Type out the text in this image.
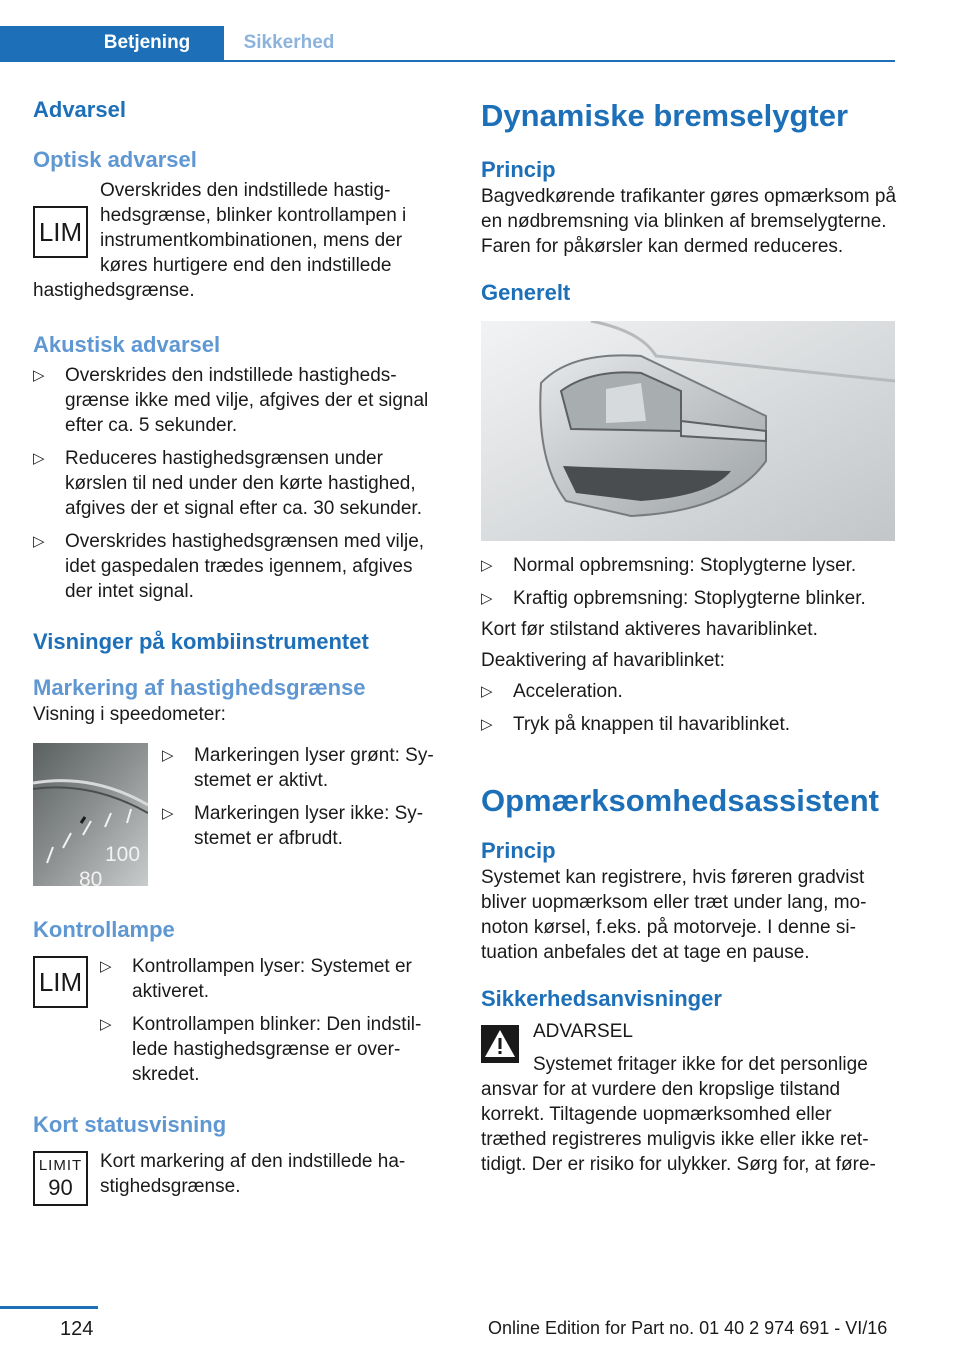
Betjening	Sikkerhed
Advarsel
Optisk advarsel
LIM

Overskrides den indstillede hastighedsgrænse, blinker kontrollampen i instrumentkombinationen, mens der køres hurtigere end den indstillede hastighedsgrænse.

Akustisk advarsel
▷ Overskrides den indstillede hastighedsgrænse ikke med vilje, afgives der et signal efter ca. 5 sekunder.
▷ Reduceres hastighedsgrænsen under kørslen til ned under den kørte hastighed, afgives der et signal efter ca. 30 sekunder.
▷ Overskrides hastighedsgrænsen med vilje, idet gaspedalen trædes igennem, afgives der intet signal.
Visninger på kombiinstrumentet
Markering af hastighedsgrænse

Visning i speedometer:

100
80
▷ Markeringen lyser grønt: Systemet er aktivt.
▷ Markeringen lyser ikke: Systemet er afbrudt.
Kontrollampe
LIM
▷ Kontrollampen lyser: Systemet er aktiveret.
▷ Kontrollampen blinker: Den indstillede hastighedsgrænse er overskredet.
Kort statusvisning
LIMIT
90

Kort markering af den indstillede hastighedsgrænse.

Dynamiske bremselygter
Princip

Bagvedkørende trafikanter gøres opmærksom på en nødbremsning via blinken af bremselygterne. Faren for påkørsler kan dermed reduceres.

Generelt
▷ Normal opbremsning: Stoplygterne lyser.
▷ Kraftig opbremsning: Stoplygterne blinker.

Kort før stilstand aktiveres havariblinket.

Deaktivering af havariblinket:

▷ Acceleration.
▷ Tryk på knappen til havariblinket.
Opmærksomhedsassistent
Princip

Systemet kan registrere, hvis føreren gradvist bliver uopmærksom eller træt under lang, monoton kørsel, f.eks. på motorveje. I denne situation anbefales det at tage en pause.

Sikkerhedsanvisninger

ADVARSEL

Systemet fritager ikke for det personlige ansvar for at vurdere den kropslige tilstand korrekt. Tiltagende uopmærksomhed eller træthed registreres muligvis ikke eller ikke rettidigt. Der er risiko for ulykker. Sørg for, at føre-

124	Online Edition for Part no. 01 40 2 974 691 - VI/16
